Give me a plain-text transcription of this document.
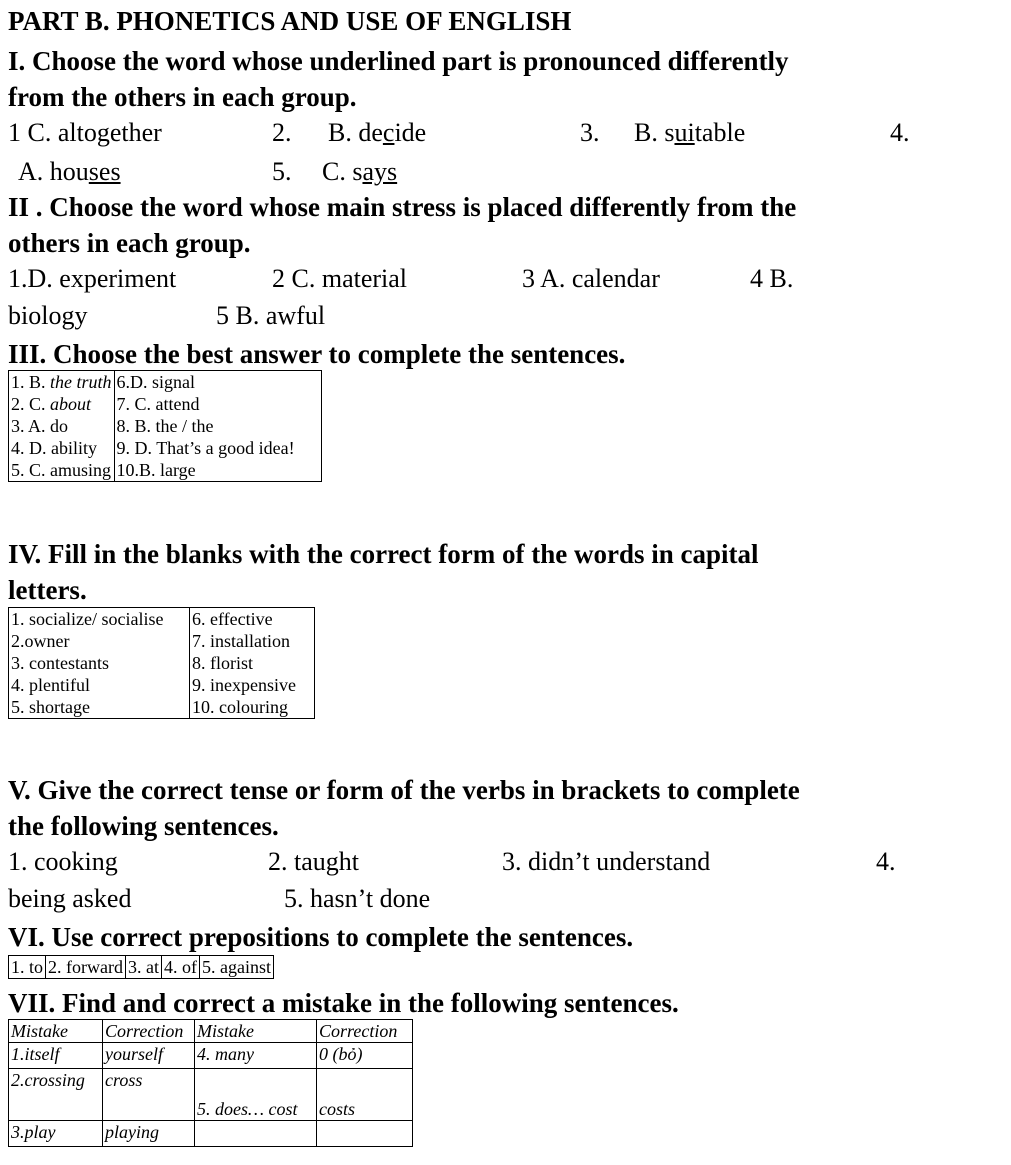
PART B. PHONETICS AND USE OF ENGLISH
I. Choose the word whose underlined part is pronounced differently
from the others in each group.
1 C. altogether	2. B. decide	3. B. suitable	4.
A. houses	5. C. says
II . Choose the word whose main stress is placed differently from the
others in each group.
1.D. experiment	2 C. material	3 A. calendar	4 B.
biology	5 B. awful
III. Choose the best answer to complete the sentences.
1. B. the truth	6.D. signal
2. C. about	7. C. attend
3. A. do	8. B. the / the
4. D. ability	9. D. That’s a good idea!
5. C. amusing	10.B. large
IV. Fill in the blanks with the correct form of the words in capital
letters.
1. socialize/ socialise	6. effective
2.owner	7. installation
3. contestants	8. florist
4. plentiful	9. inexpensive
5. shortage	10. colouring
V. Give the correct tense or form of the verbs in brackets to complete
the following sentences.
1. cooking	2. taught	3. didn’t understand	4.
being asked	5. hasn’t done
VI. Use correct prepositions to complete the sentences.
1. to	2. forward	3. at	4. of	5. against
VII. Find and correct a mistake in the following sentences.
Mistake	Correction	Mistake	Correction
1.itself	yourself	4. many	0 (bỏ)
2.crossing	cross	5. does… cost	costs
3.play	playing		
